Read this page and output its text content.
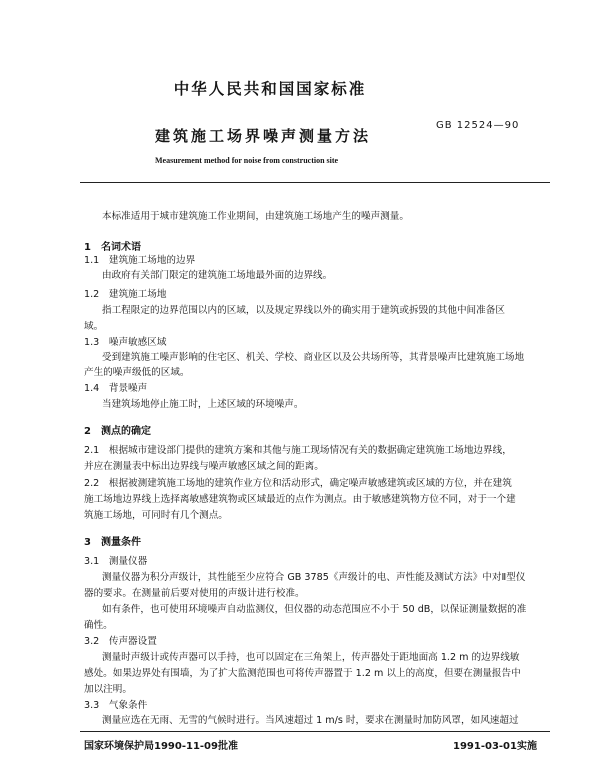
中华人民共和国国家标准
GB 12524—90
建筑施工场界噪声测量方法
Measurement method for noise from construction site
本标准适用于城市建筑施工作业期间，由建筑施工场地产生的噪声测量。
1　名词术语
1.1　建筑施工场地的边界
由政府有关部门限定的建筑施工场地最外面的边界线。
1.2　建筑施工场地
指工程限定的边界范围以内的区域，以及规定界线以外的确实用于建筑或拆毁的其他中间准备区
域。
1.3　噪声敏感区域
受到建筑施工噪声影响的住宅区、机关、学校、商业区以及公共场所等，其背景噪声比建筑施工场地
产生的噪声级低的区域。
1.4　背景噪声
当建筑场地停止施工时，上述区域的环境噪声。
2　测点的确定
2.1　根据城市建设部门提供的建筑方案和其他与施工现场情况有关的数据确定建筑施工场地边界线，
并应在测量表中标出边界线与噪声敏感区域之间的距离。
2.2　根据被测建筑施工场地的建筑作业方位和活动形式，确定噪声敏感建筑或区域的方位，并在建筑
施工场地边界线上选择离敏感建筑物或区域最近的点作为测点。由于敏感建筑物方位不同，对于一个建
筑施工场地，可同时有几个测点。
3　测量条件
3.1　测量仪器
测量仪器为积分声级计，其性能至少应符合 GB 3785《声级计的电、声性能及测试方法》中对Ⅱ型仪
器的要求。在测量前后要对使用的声级计进行校准。
如有条件，也可使用环境噪声自动监测仪，但仪器的动态范围应不小于 50 dB，以保证测量数据的准
确性。
3.2　传声器设置
测量时声级计或传声器可以手持，也可以固定在三角架上，传声器处于距地面高 1.2 m 的边界线敏
感处。如果边界处有围墙，为了扩大监测范围也可将传声器置于 1.2 m 以上的高度，但要在测量报告中
加以注明。
3.3　气象条件
测量应选在无雨、无雪的气候时进行。当风速超过 1 m/s 时，要求在测量时加防风罩，如风速超过
国家环境保护局1990-11-09批准	1991-03-01实施
